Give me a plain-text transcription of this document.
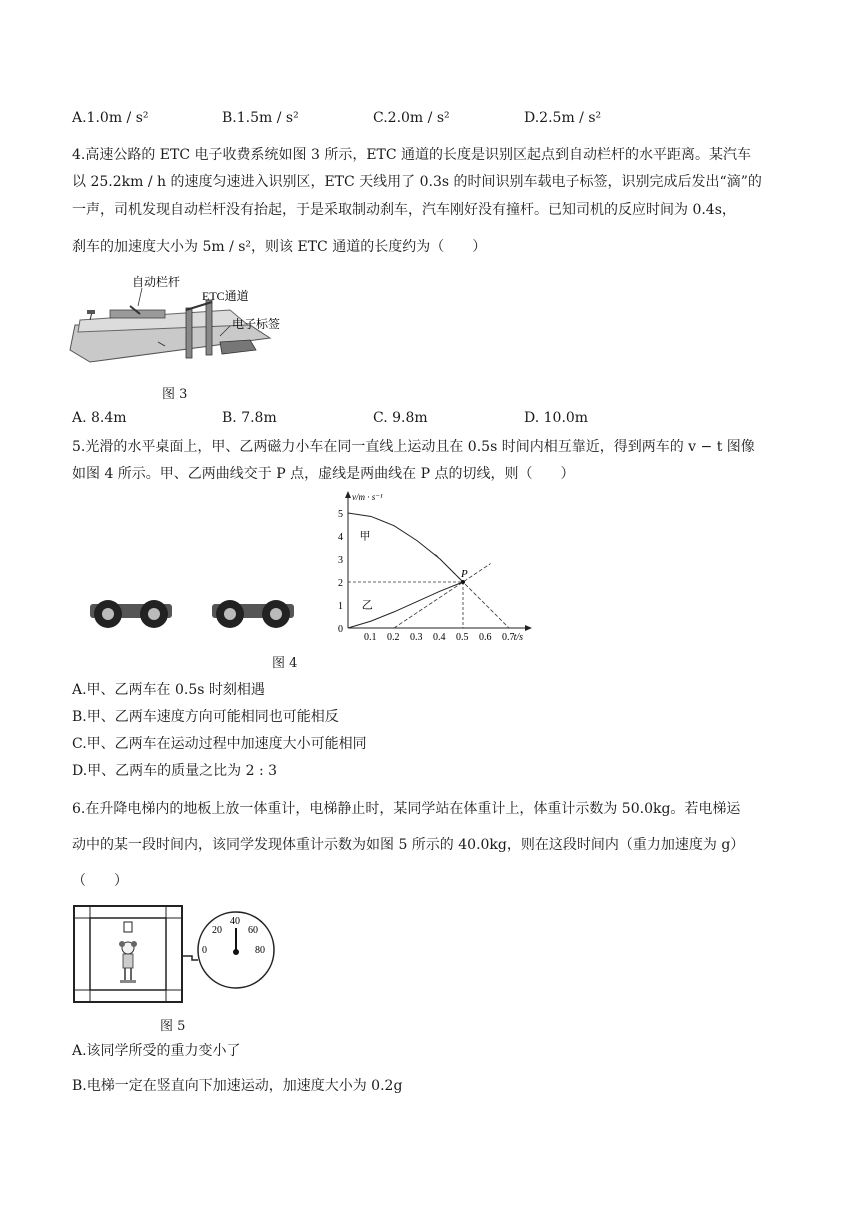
A.1.0m / s²	B.1.5m / s²	C.2.0m / s²	D.2.5m / s²
4.高速公路的 ETC 电子收费系统如图 3 所示，ETC 通道的长度是识别区起点到自动栏杆的水平距离。某汽车
以 25.2km / h 的速度匀速进入识别区，ETC 天线用了 0.3s 的时间识别车载电子标签，识别完成后发出“滴”的
一声，司机发现自动栏杆没有抬起，于是采取制动刹车，汽车刚好没有撞杆。已知司机的反应时间为 0.4s，
刹车的加速度大小为 5m / s²，则该 ETC 通道的长度约为（　　）
自动栏杆
ETC通道
电子标签
图 3
A. 8.4m	B. 7.8m	C. 9.8m	D. 10.0m
5.光滑的水平桌面上，甲、乙两磁力小车在同一直线上运动且在 0.5s 时间内相互靠近，得到两车的 v − t 图像
如图 4 所示。甲、乙两曲线交于 P 点，虚线是两曲线在 P 点的切线，则（　　）
v/m · s⁻¹
t/s
0
0.1 0.2 0.3 0.4 0.5 0.6 0.7
1
2
3
4
5
甲
乙
P
图 4
A.甲、乙两车在 0.5s 时刻相遇
B.甲、乙两车速度方向可能相同也可能相反
C.甲、乙两车在运动过程中加速度大小可能相同
D.甲、乙两车的质量之比为 2 : 3
6.在升降电梯内的地板上放一体重计，电梯静止时，某同学站在体重计上，体重计示数为 50.0kg。若电梯运
动中的某一段时间内，该同学发现体重计示数为如图 5 所示的 40.0kg，则在这段时间内（重力加速度为 g）
（　　）
0
20
40
60
80
图 5
A.该同学所受的重力变小了
B.电梯一定在竖直向下加速运动，加速度大小为 0.2g
